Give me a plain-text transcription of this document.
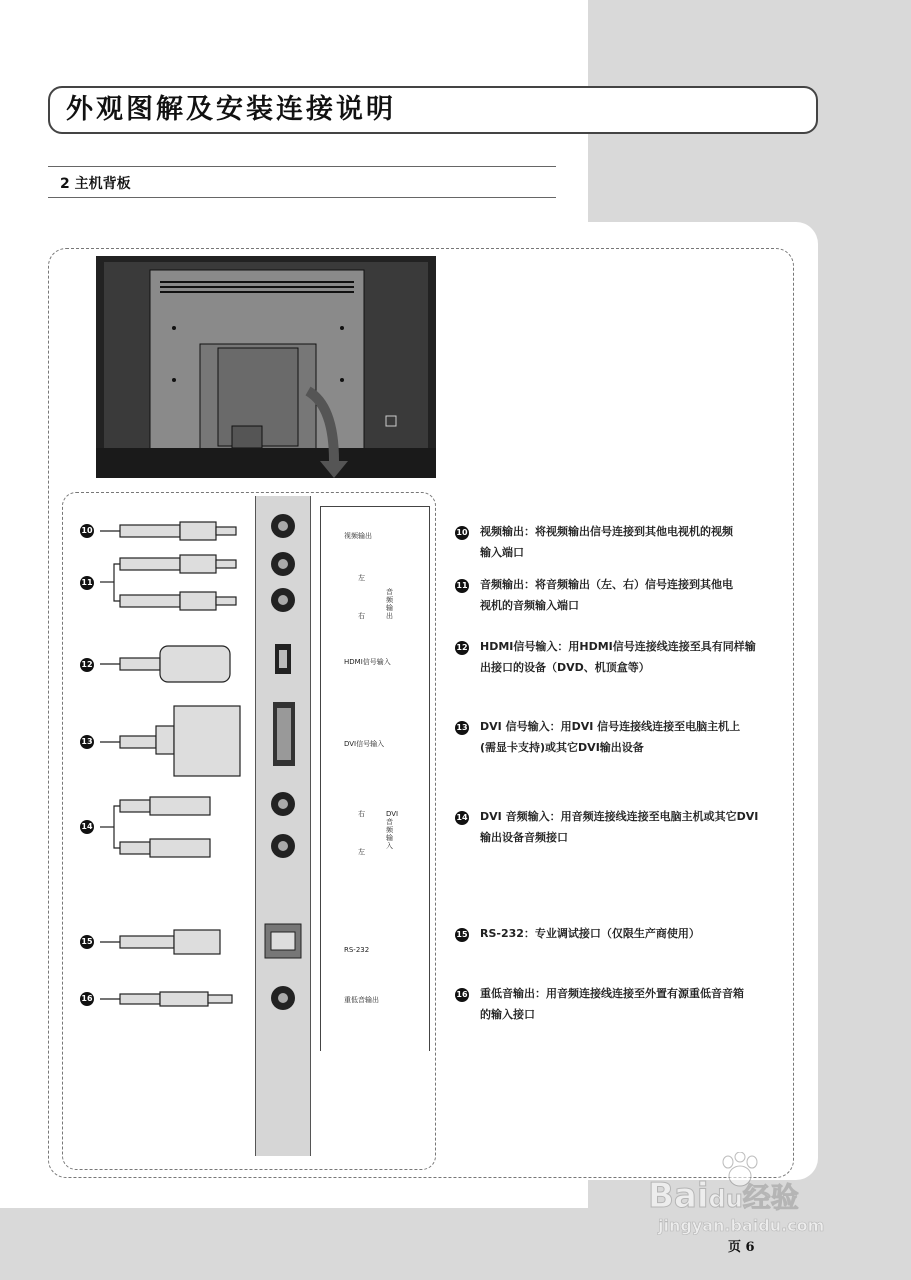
外观图解及安装连接说明
2 主机背板
10
11
12
13
14
15
16
视频输出
左
右
音频输出
HDMI信号输入
DVI信号输入
右
左
DVI音频输入
RS-232
重低音输出
10 视频输出：将视频输出信号连接到其他电视机的视频
输入端口
11 音频输出：将音频输出（左、右）信号连接到其他电
视机的音频输入端口
12 HDMI信号输入：用HDMI信号连接线连接至具有同样输
出接口的设备（DVD、机顶盒等）
13 DVI 信号输入：用DVI 信号连接线连接至电脑主机上
(需显卡支持)或其它DVI输出设备
14 DVI 音频输入：用音频连接线连接至电脑主机或其它DVI
输出设备音频接口
15 RS-232：专业调试接口（仅限生产商使用）
16 重低音输出：用音频连接线连接至外置有源重低音音箱
的输入接口
Baidu经验
jingyan.baidu.com
页 6
